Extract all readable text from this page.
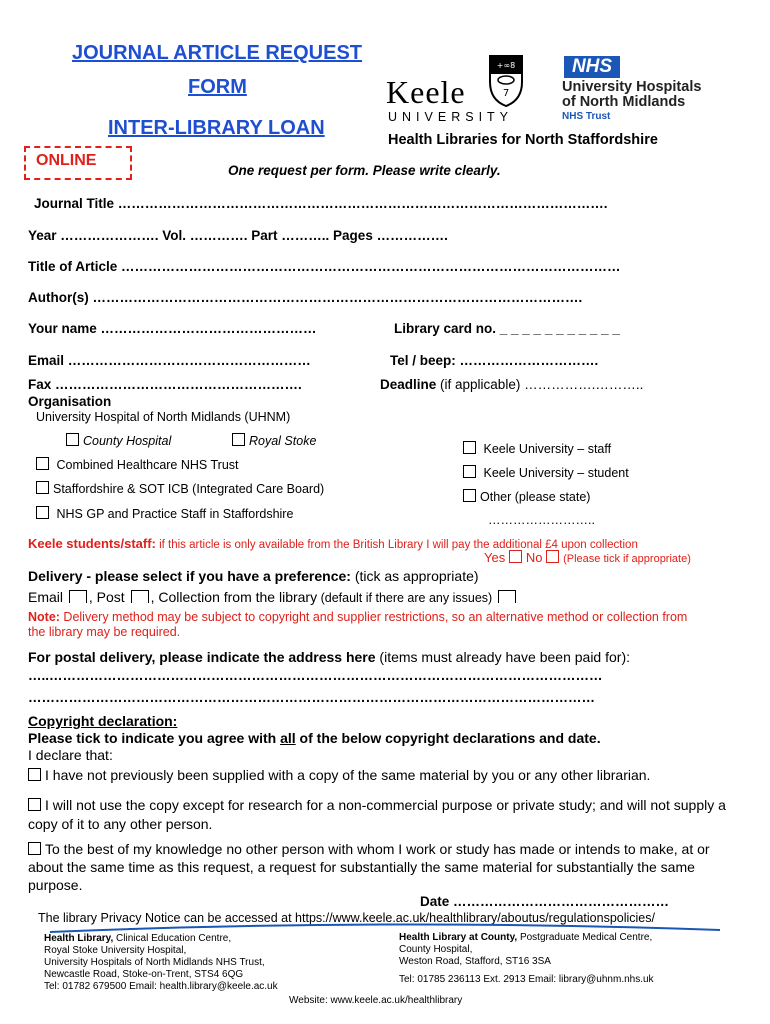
JOURNAL ARTICLE REQUEST
FORM
INTER-LIBRARY LOAN
ONLINE
Keele
UNIVERSITY
+∞8
7
NHS
University Hospitals
of North Midlands
NHS Trust
Health Libraries for North Staffordshire
One request per form. Please write clearly.
Journal Title ……………………………………………………………………………………………….
Year …………………. Vol. …………. Part ……….. Pages …………….
Title of Article …………………………………………………………………………………………………
Author(s) ……………………………………………………………………………………………….
Your name …………………………………………	Library card no. _ _ _ _ _ _ _ _ _ _ _
Email ………………………………………………	Tel / beep: ………………………….
Fax ……………………………………………….	Deadline (if applicable) …………….………..
Organisation
University Hospital of North Midlands (UHNM)
County Hospital	Royal Stoke
Combined Healthcare NHS Trust
Staffordshire & SOT ICB (Integrated Care Board)
NHS GP and Practice Staff in Staffordshire
Keele University – staff
Keele University – student
Other (please state)
……………………..
Keele students/staff: if this article is only available from the British Library I will pay the additional £4 upon collection
Yes No (Please tick if appropriate)
Delivery - please select if you have a preference: (tick as appropriate)
Email , Post , Collection from the library (default if there are any issues)
Note: Delivery method may be subject to copyright and supplier restrictions, so an alternative method or collection from the library may be required.
For postal delivery, please indicate the address here (items must already have been paid for):
…..……………………………………………………………………………………………………………
………………………………………………………………………………………………………………
Copyright declaration:
Please tick to indicate you agree with all of the below copyright declarations and date.
I declare that:
I have not previously been supplied with a copy of the same material by you or any other librarian.
I will not use the copy except for research for a non-commercial purpose or private study; and will not supply a copy of it to any other person.
To the best of my knowledge no other person with whom I work or study has made or intends to make, at or about the same time as this request, a request for substantially the same material for substantially the same purpose.
Date …………………………………………
The library Privacy Notice can be accessed at https://www.keele.ac.uk/healthlibrary/aboutus/regulationspolicies/
Health Library, Clinical Education Centre,
Royal Stoke University Hospital,
University Hospitals of North Midlands NHS Trust,
Newcastle Road, Stoke-on-Trent, STS4 6QG
Tel: 01782 679500 Email: health.library@keele.ac.uk
Health Library at County, Postgraduate Medical Centre,
County Hospital,
Weston Road, Stafford, ST16 3SA
Tel: 01785 236113 Ext. 2913 Email: library@uhnm.nhs.uk
Website: www.keele.ac.uk/healthlibrary
